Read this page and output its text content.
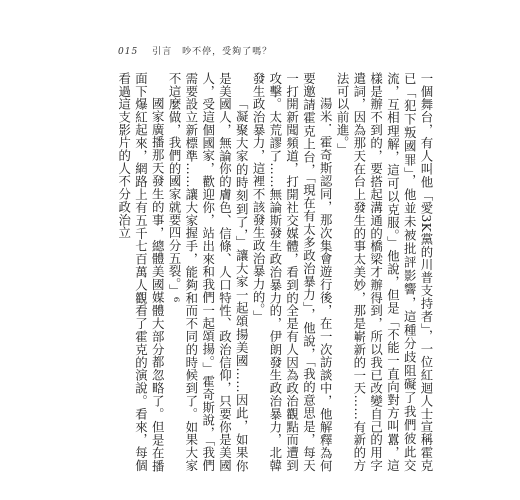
015 引言　吵不停，受夠了嗎？

一個舞台，有人叫他「愛3K黨的川普支持者」，一位紅迴人士宣稱霍克已「犯下叛國罪」，他並未被批評影響，這種分歧阻礙了我們彼此交流，互相理解，這可以克服。」他說，但是「不能一直向對方叫囂，這樣是辦不到的，要搭起溝通的橋梁才辦得到，所以我已改變自己的用字遣詞，因為那天在台上發生的事太美妙，那是嶄新的一天……有新的方法可以前進。」

湯米．霍奇斯認同，那次集會遊行後，在一次訪談中，他解釋為何要邀請霍克上台，「現在有太多政治暴力」，他說，「我的意思是，每天一打開新聞頻道，打開社交媒體，看到的全是有人因為政治觀點而遭到攻擊。太荒謬了……無論斯發生政治暴力的，伊朗發生政治暴力，北韓發生政治暴力，這裡不該發生政治暴力的。」

「凝聚大家的時刻到了，」讓大家一起頌揚美國……因此，如果你是美國人，無論你的膚色、信條、人口特性、政治信仰，只要你是美國人，受這個國家，歡迎你，站出來和我們一起頌揚。」霍奇斯說，「我們需要設立新標準……讓大家握手，能夠和而不同的時候到了。如果大家不這麼做，我們的國家就要四分五裂。」⁶

國家廣播那天發生的事，總體美國媒體大部分都忽略了。但是在播面下爆紅起來，網路上有五千七百萬人觀看了霍克的演說。看來，每個看過這支影片的人不分政治立
